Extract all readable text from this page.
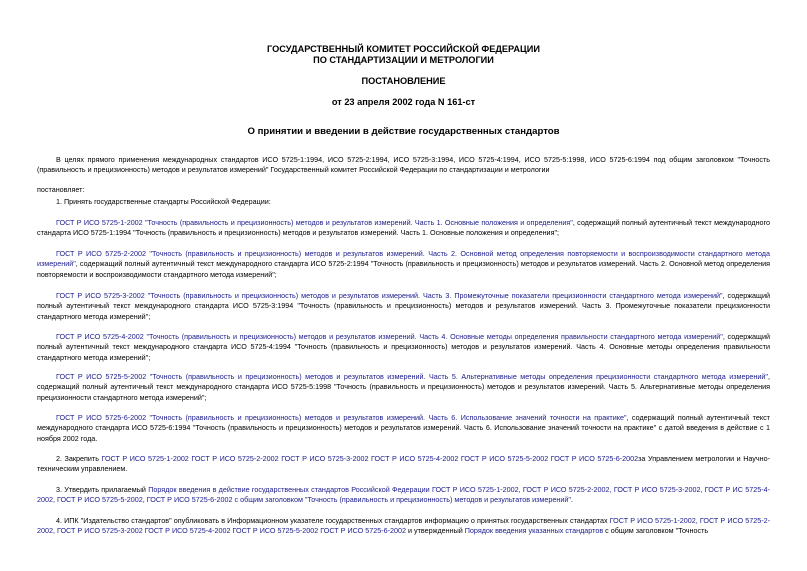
ГОСУДАРСТВЕННЫЙ КОМИТЕТ РОССИЙСКОЙ ФЕДЕРАЦИИ
ПО СТАНДАРТИЗАЦИИ И МЕТРОЛОГИИ
ПОСТАНОВЛЕНИЕ
от 23 апреля 2002 года N 161-ст
О принятии и введении в действие государственных стандартов
В целях прямого применения международных стандартов ИСО 5725-1:1994, ИСО 5725-2:1994, ИСО 5725-3:1994, ИСО 5725-4:1994, ИСО 5725-5:1998, ИСО 5725-6:1994 под общим заголовком "Точность (правильность и прецизионность) методов и результатов измерений" Государственный комитет Российской Федерации по стандартизации и метрологии
постановляет:
1. Принять государственные стандарты Российской Федерации:
ГОСТ Р ИСО 5725-1-2002 "Точность (правильность и прецизионность) методов и результатов измерений. Часть 1. Основные положения и определения", содержащий полный аутентичный текст международного стандарта ИСО 5725-1:1994 "Точность (правильность и прецизионность) методов и результатов измерений. Часть 1. Основные положения и определения";
ГОСТ Р ИСО 5725-2-2002 "Точность (правильность и прецизионность) методов и результатов измерений. Часть 2. Основной метод определения повторяемости и воспроизводимости стандартного метода измерений", содержащий полный аутентичный текст международного стандарта ИСО 5725-2:1994 "Точность (правильность и прецизионность) методов и результатов измерений. Часть 2. Основной метод определения повторяемости и воспроизводимости стандартного метода измерений";
ГОСТ Р ИСО 5725-3-2002 "Точность (правильность и прецизионность) методов и результатов измерений. Часть 3. Промежуточные показатели прецизионности стандартного метода измерений", содержащий полный аутентичный текст международного стандарта ИСО 5725-3:1994 "Точность (правильность и прецизионность) методов и результатов измерений. Часть 3. Промежуточные показатели прецизионности стандартного метода измерений";
ГОСТ Р ИСО 5725-4-2002 "Точность (правильность и прецизионность) методов и результатов измерений. Часть 4. Основные методы определения правильности стандартного метода измерений", содержащий полный аутентичный текст международного стандарта ИСО 5725-4:1994 "Точность (правильность и прецизионность) методов и результатов измерений. Часть 4. Основные методы определения правильности стандартного метода измерений";
ГОСТ Р ИСО 5725-5-2002 "Точность (правильность и прецизионность) методов и результатов измерений. Часть 5. Альтернативные методы определения прецизионности стандартного метода измерений", содержащий полный аутентичный текст международного стандарта ИСО 5725-5:1998 "Точность (правильность и прецизионность) методов и результатов измерений. Часть 5. Альтернативные методы определения прецизионности стандартного метода измерений";
ГОСТ Р ИСО 5725-6-2002 "Точность (правильность и прецизионность) методов и результатов измерений. Часть 6. Использование значений точности на практике", содержащий полный аутентичный текст международного стандарта ИСО 5725-6:1994 "Точность (правильность и прецизионность) методов и результатов измерений. Часть 6. Использование значений точности на практике" с датой введения в действие с 1 ноября 2002 года.
2. Закрепить ГОСТ Р ИСО 5725-1-2002 ГОСТ Р ИСО 5725-2-2002 ГОСТ Р ИСО 5725-3-2002 ГОСТ Р ИСО 5725-4-2002 ГОСТ Р ИСО 5725-5-2002 ГОСТ Р ИСО 5725-6-2002за Управлением метрологии и Научно-техническим управлением.
3. Утвердить прилагаемый Порядок введения в действие государственных стандартов Российской Федерации ГОСТ Р ИСО 5725-1-2002, ГОСТ Р ИСО 5725-2-2002, ГОСТ Р ИСО 5725-3-2002, ГОСТ Р ИС 5725-4-2002, ГОСТ Р ИСО 5725-5-2002, ГОСТ Р ИСО 5725-6-2002 с общим заголовком "Точность (правильность и прецизионность) методов и результатов измерений".
4. ИПК "Издательство стандартов" опубликовать в Информационном указателе государственных стандартов информацию о принятых государственных стандартах ГОСТ Р ИСО 5725-1-2002, ГОСТ Р ИСО 5725-2-2002, ГОСТ Р ИСО 5725-3-2002 ГОСТ Р ИСО 5725-4-2002 ГОСТ Р ИСО 5725-5-2002 ГОСТ Р ИСО 5725-6-2002 и утвержденный Порядок введения указанных стандартов с общим заголовком "Точность
